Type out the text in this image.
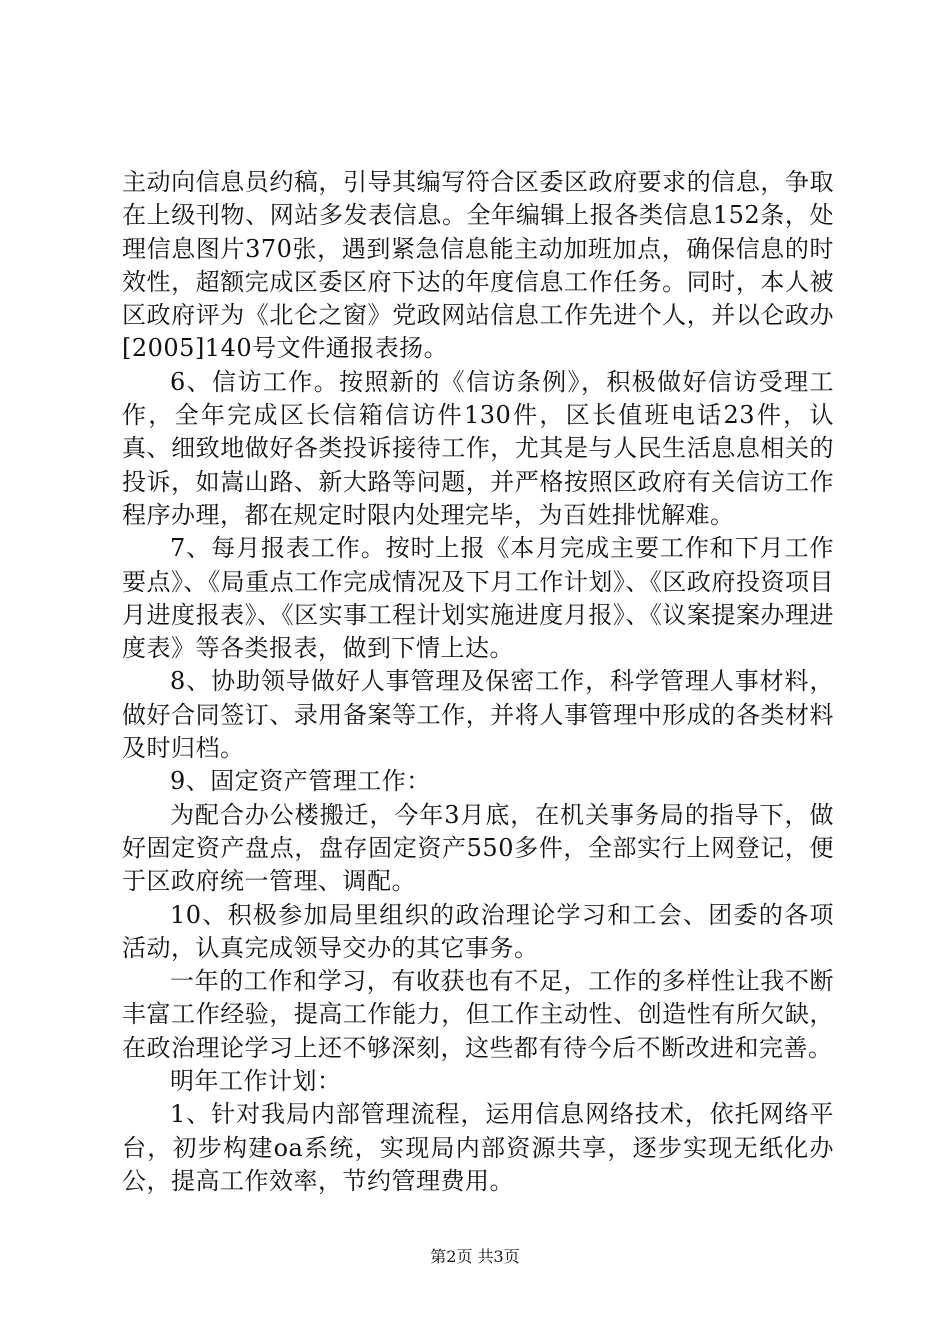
主动向信息员约稿，引导其编写符合区委区政府要求的信息，争取在上级刊物、网站多发表信息。全年编辑上报各类信息152条，处理信息图片370张，遇到紧急信息能主动加班加点，确保信息的时效性，超额完成区委区府下达的年度信息工作任务。同时，本人被区政府评为《北仑之窗》党政网站信息工作先进个人，并以仑政办[2005]140号文件通报表扬。

6、信访工作。按照新的《信访条例》，积极做好信访受理工作，全年完成区长信箱信访件130件，区长值班电话23件，认真、细致地做好各类投诉接待工作，尤其是与人民生活息息相关的投诉，如嵩山路、新大路等问题，并严格按照区政府有关信访工作程序办理，都在规定时限内处理完毕，为百姓排忧解难。

7、每月报表工作。按时上报《本月完成主要工作和下月工作要点》、《局重点工作完成情况及下月工作计划》、《区政府投资项目月进度报表》、《区实事工程计划实施进度月报》、《议案提案办理进度表》等各类报表，做到下情上达。

8、协助领导做好人事管理及保密工作，科学管理人事材料，做好合同签订、录用备案等工作，并将人事管理中形成的各类材料及时归档。

9、固定资产管理工作：

为配合办公楼搬迁，今年3月底，在机关事务局的指导下，做好固定资产盘点，盘存固定资产550多件，全部实行上网登记，便于区政府统一管理、调配。

10、积极参加局里组织的政治理论学习和工会、团委的各项活动，认真完成领导交办的其它事务。

一年的工作和学习，有收获也有不足，工作的多样性让我不断丰富工作经验，提高工作能力，但工作主动性、创造性有所欠缺，在政治理论学习上还不够深刻，这些都有待今后不断改进和完善。

明年工作计划：

1、针对我局内部管理流程，运用信息网络技术，依托网络平台，初步构建oa系统，实现局内部资源共享，逐步实现无纸化办公，提高工作效率，节约管理费用。

第2页 共3页
